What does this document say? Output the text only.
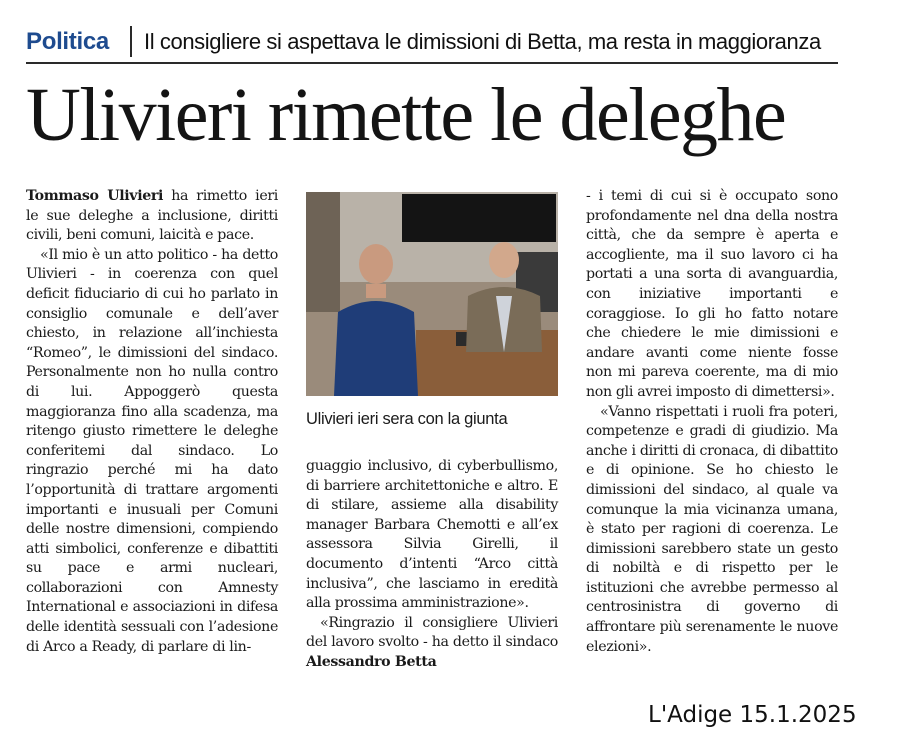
Politica Il consigliere si aspettava le dimissioni di Betta, ma resta in maggioranza
Ulivieri rimette le deleghe

Tommaso Ulivieri ha rimetto ieri le sue deleghe a inclusione, diritti civili, beni comuni, laicità e pace.

«Il mio è un atto politico - ha detto Ulivieri - in coerenza con quel deficit fiduciario di cui ho parlato in consiglio comunale e dell’aver chiesto, in relazione all’inchiesta “Romeo”, le dimissioni del sindaco. Personalmente non ho nulla contro di lui. Appoggerò questa maggioranza fino alla scadenza, ma ritengo giusto rimettere le deleghe conferitemi dal sindaco. Lo ringrazio perché mi ha dato l’opportunità di trattare argomenti importanti e inusuali per Comuni delle nostre dimensioni, compiendo atti simbolici, conferenze e dibattiti su pace e armi nucleari, collaborazioni con Amnesty International e associazioni in difesa delle identità sessuali con l’adesione di Arco a Ready, di parlare di lin-

Ulivieri ieri sera con la giunta

guaggio inclusivo, di cyberbullismo, di barriere architettoniche e altro. E di stilare, assieme alla disability manager Barbara Chemotti e all’ex assessora Silvia Girelli, il documento d’intenti “Arco città inclusiva”, che lasciamo in eredità alla prossima amministrazione».

«Ringrazio il consigliere Ulivieri del lavoro svolto - ha detto il sindaco Alessandro Betta

- i temi di cui si è occupato sono profondamente nel dna della nostra città, che da sempre è aperta e accogliente, ma il suo lavoro ci ha portati a una sorta di avanguardia, con iniziative importanti e coraggiose. Io gli ho fatto notare che chiedere le mie dimissioni e andare avanti come niente fosse non mi pareva coerente, ma di mio non gli avrei imposto di dimettersi».

«Vanno rispettati i ruoli fra poteri, competenze e gradi di giudizio. Ma anche i diritti di cronaca, di dibattito e di opinione. Se ho chiesto le dimissioni del sindaco, al quale va comunque la mia vicinanza umana, è stato per ragioni di coerenza. Le dimissioni sarebbero state un gesto di nobiltà e di rispetto per le istituzioni che avrebbe permesso al centrosinistra di governo di affrontare più serenamente le nuove elezioni».

L'Adige 15.1.2025
